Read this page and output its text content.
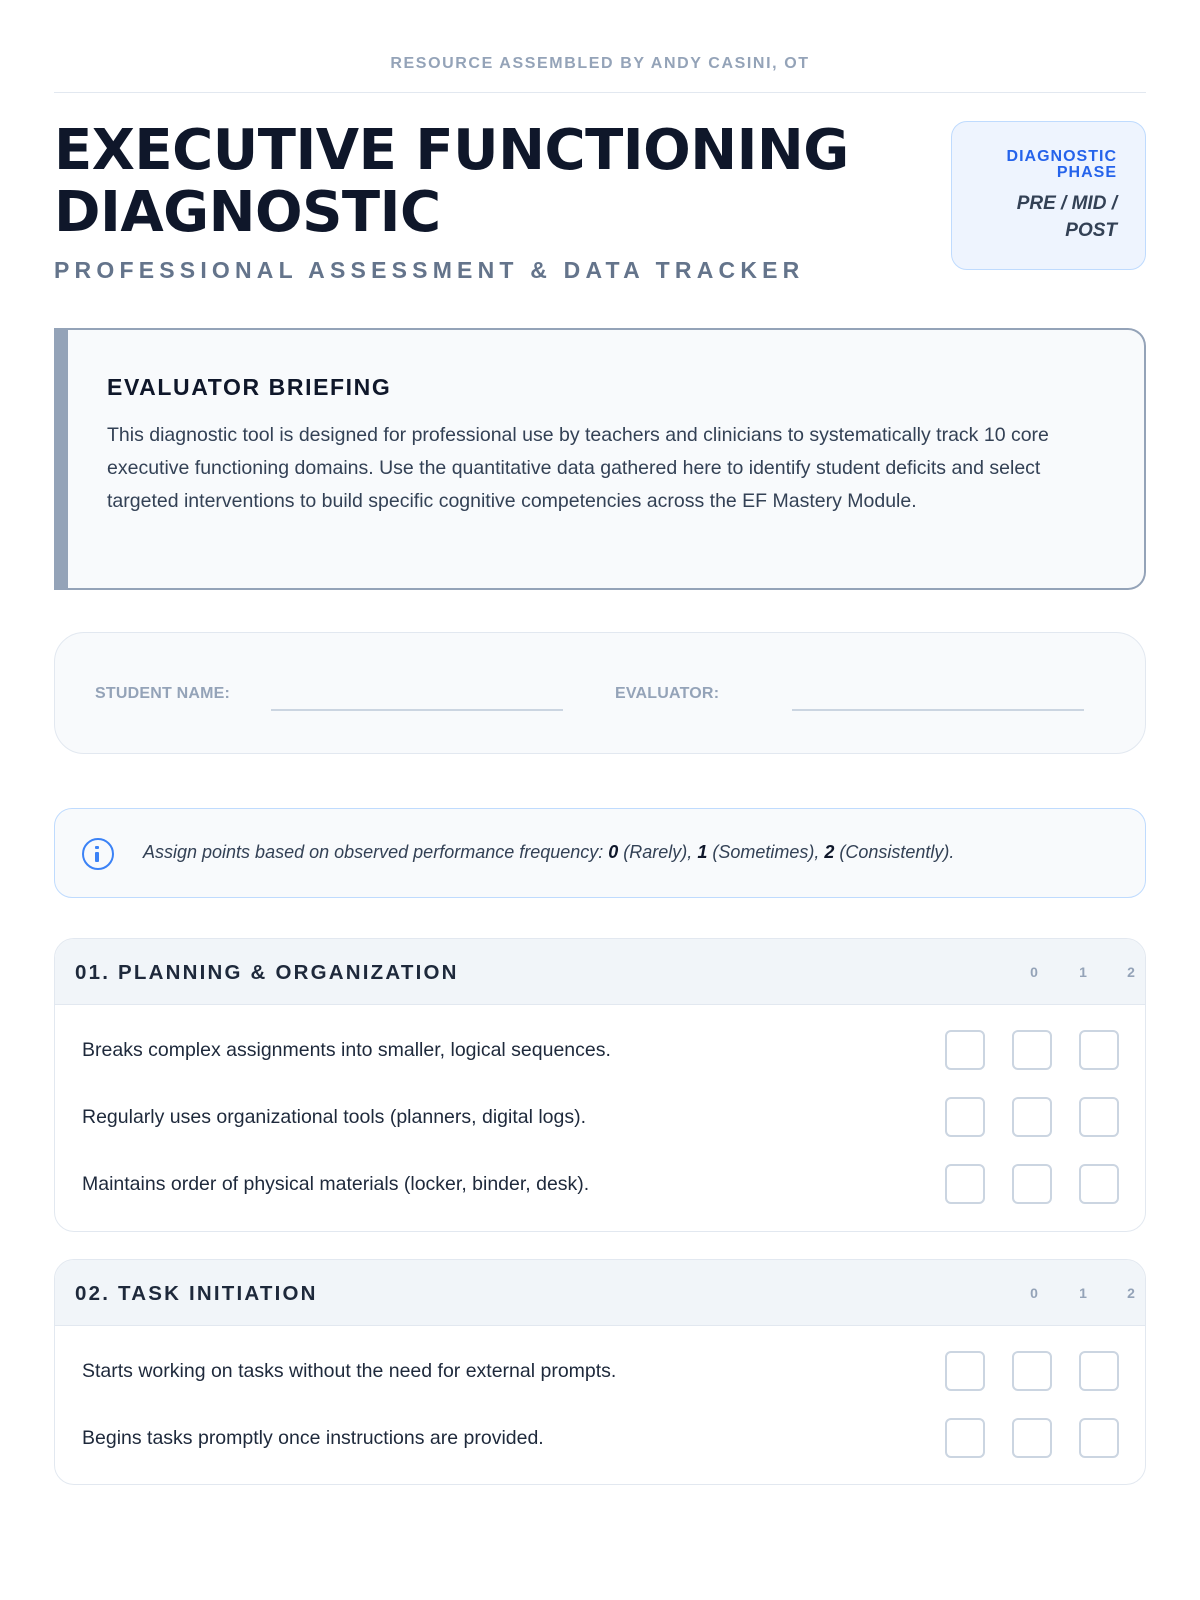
RESOURCE ASSEMBLED BY ANDY CASINI, OT
EXECUTIVE FUNCTIONING
DIAGNOSTIC
PROFESSIONAL ASSESSMENT & DATA TRACKER
DIAGNOSTIC
PHASE
PRE / MID /
POST
EVALUATOR BRIEFING

This diagnostic tool is designed for professional use by teachers and clinicians to systematically track 10 core executive functioning domains. Use the quantitative data gathered here to identify student deficits and select targeted interventions to build specific cognitive competencies across the EF Mastery Module.

STUDENT NAME:	EVALUATOR:
Assign points based on observed performance frequency: 0 (Rarely), 1 (Sometimes), 2 (Consistently).
01. PLANNING & ORGANIZATION	0	1	2
Breaks complex assignments into smaller, logical sequences.
Regularly uses organizational tools (planners, digital logs).
Maintains order of physical materials (locker, binder, desk).
02. TASK INITIATION	0	1	2
Starts working on tasks without the need for external prompts.
Begins tasks promptly once instructions are provided.
